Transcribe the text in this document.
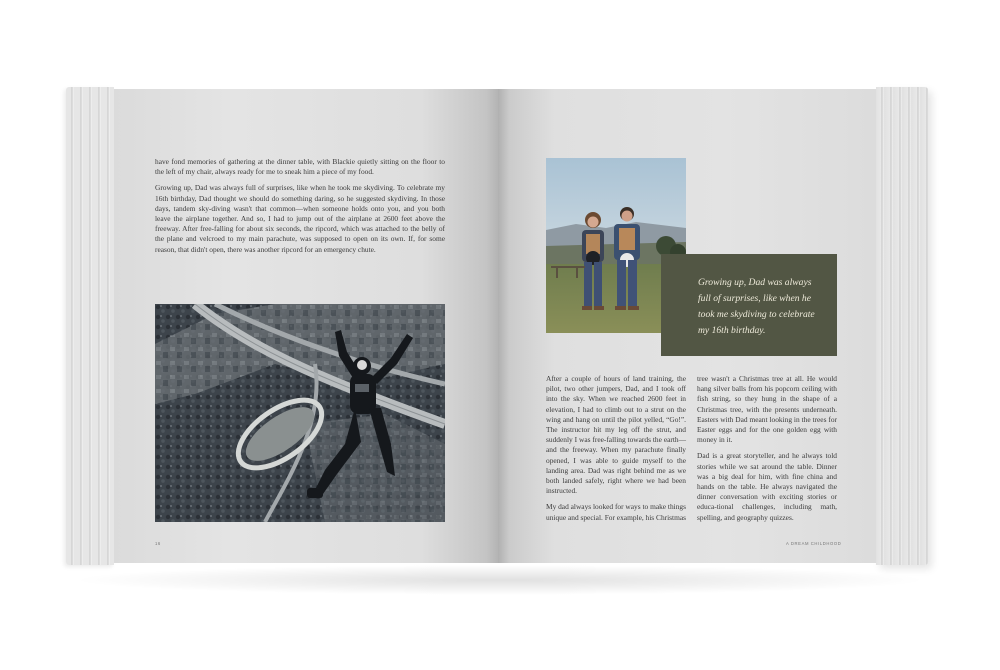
have fond memories of gathering at the dinner table, with Blackie quietly sitting on the floor to the left of my chair, always ready for me to sneak him a piece of my food.

Growing up, Dad was always full of surprises, like when he took me skydiving. To celebrate my 16th birthday, Dad thought we should do something daring, so he suggested skydiving. In those days, tandem sky-diving wasn't that common—when someone holds onto you, and you both leave the airplane together. And so, I had to jump out of the airplane at 2600 feet above the freeway. After free-falling for about six seconds, the ripcord, which was attached to the belly of the plane and velcroed to my main parachute, was supposed to open on its own. If, for some reason, that didn't open, there was another ripcord for an emergency chute.

16

Growing up, Dad was always full of surprises, like when he took me skydiving to celebrate my 16th birthday.

After a couple of hours of land training, the pilot, two other jumpers, Dad, and I took off into the sky. When we reached 2600 feet in elevation, I had to climb out to a strut on the wing and hang on until the pilot yelled, “Go!”. The instructor hit my leg off the strut, and suddenly I was free-falling towards the earth—and the freeway. When my parachute finally opened, I was able to guide myself to the landing area. Dad was right behind me as we both landed safely, right where we had been instructed.

My dad always looked for ways to make things unique and special. For example, his Christmas

tree wasn't a Christmas tree at all. He would hang silver balls from his popcorn ceiling with fish string, so they hung in the shape of a Christmas tree, with the presents underneath. Easters with Dad meant looking in the trees for Easter eggs and for the one golden egg with money in it.

Dad is a great storyteller, and he always told stories while we sat around the table. Dinner was a big deal for him, with fine china and hands on the table. He always navigated the dinner conversation with exciting stories or educa-tional challenges, including math, spelling, and geography quizzes.

A DREAM CHILDHOOD
